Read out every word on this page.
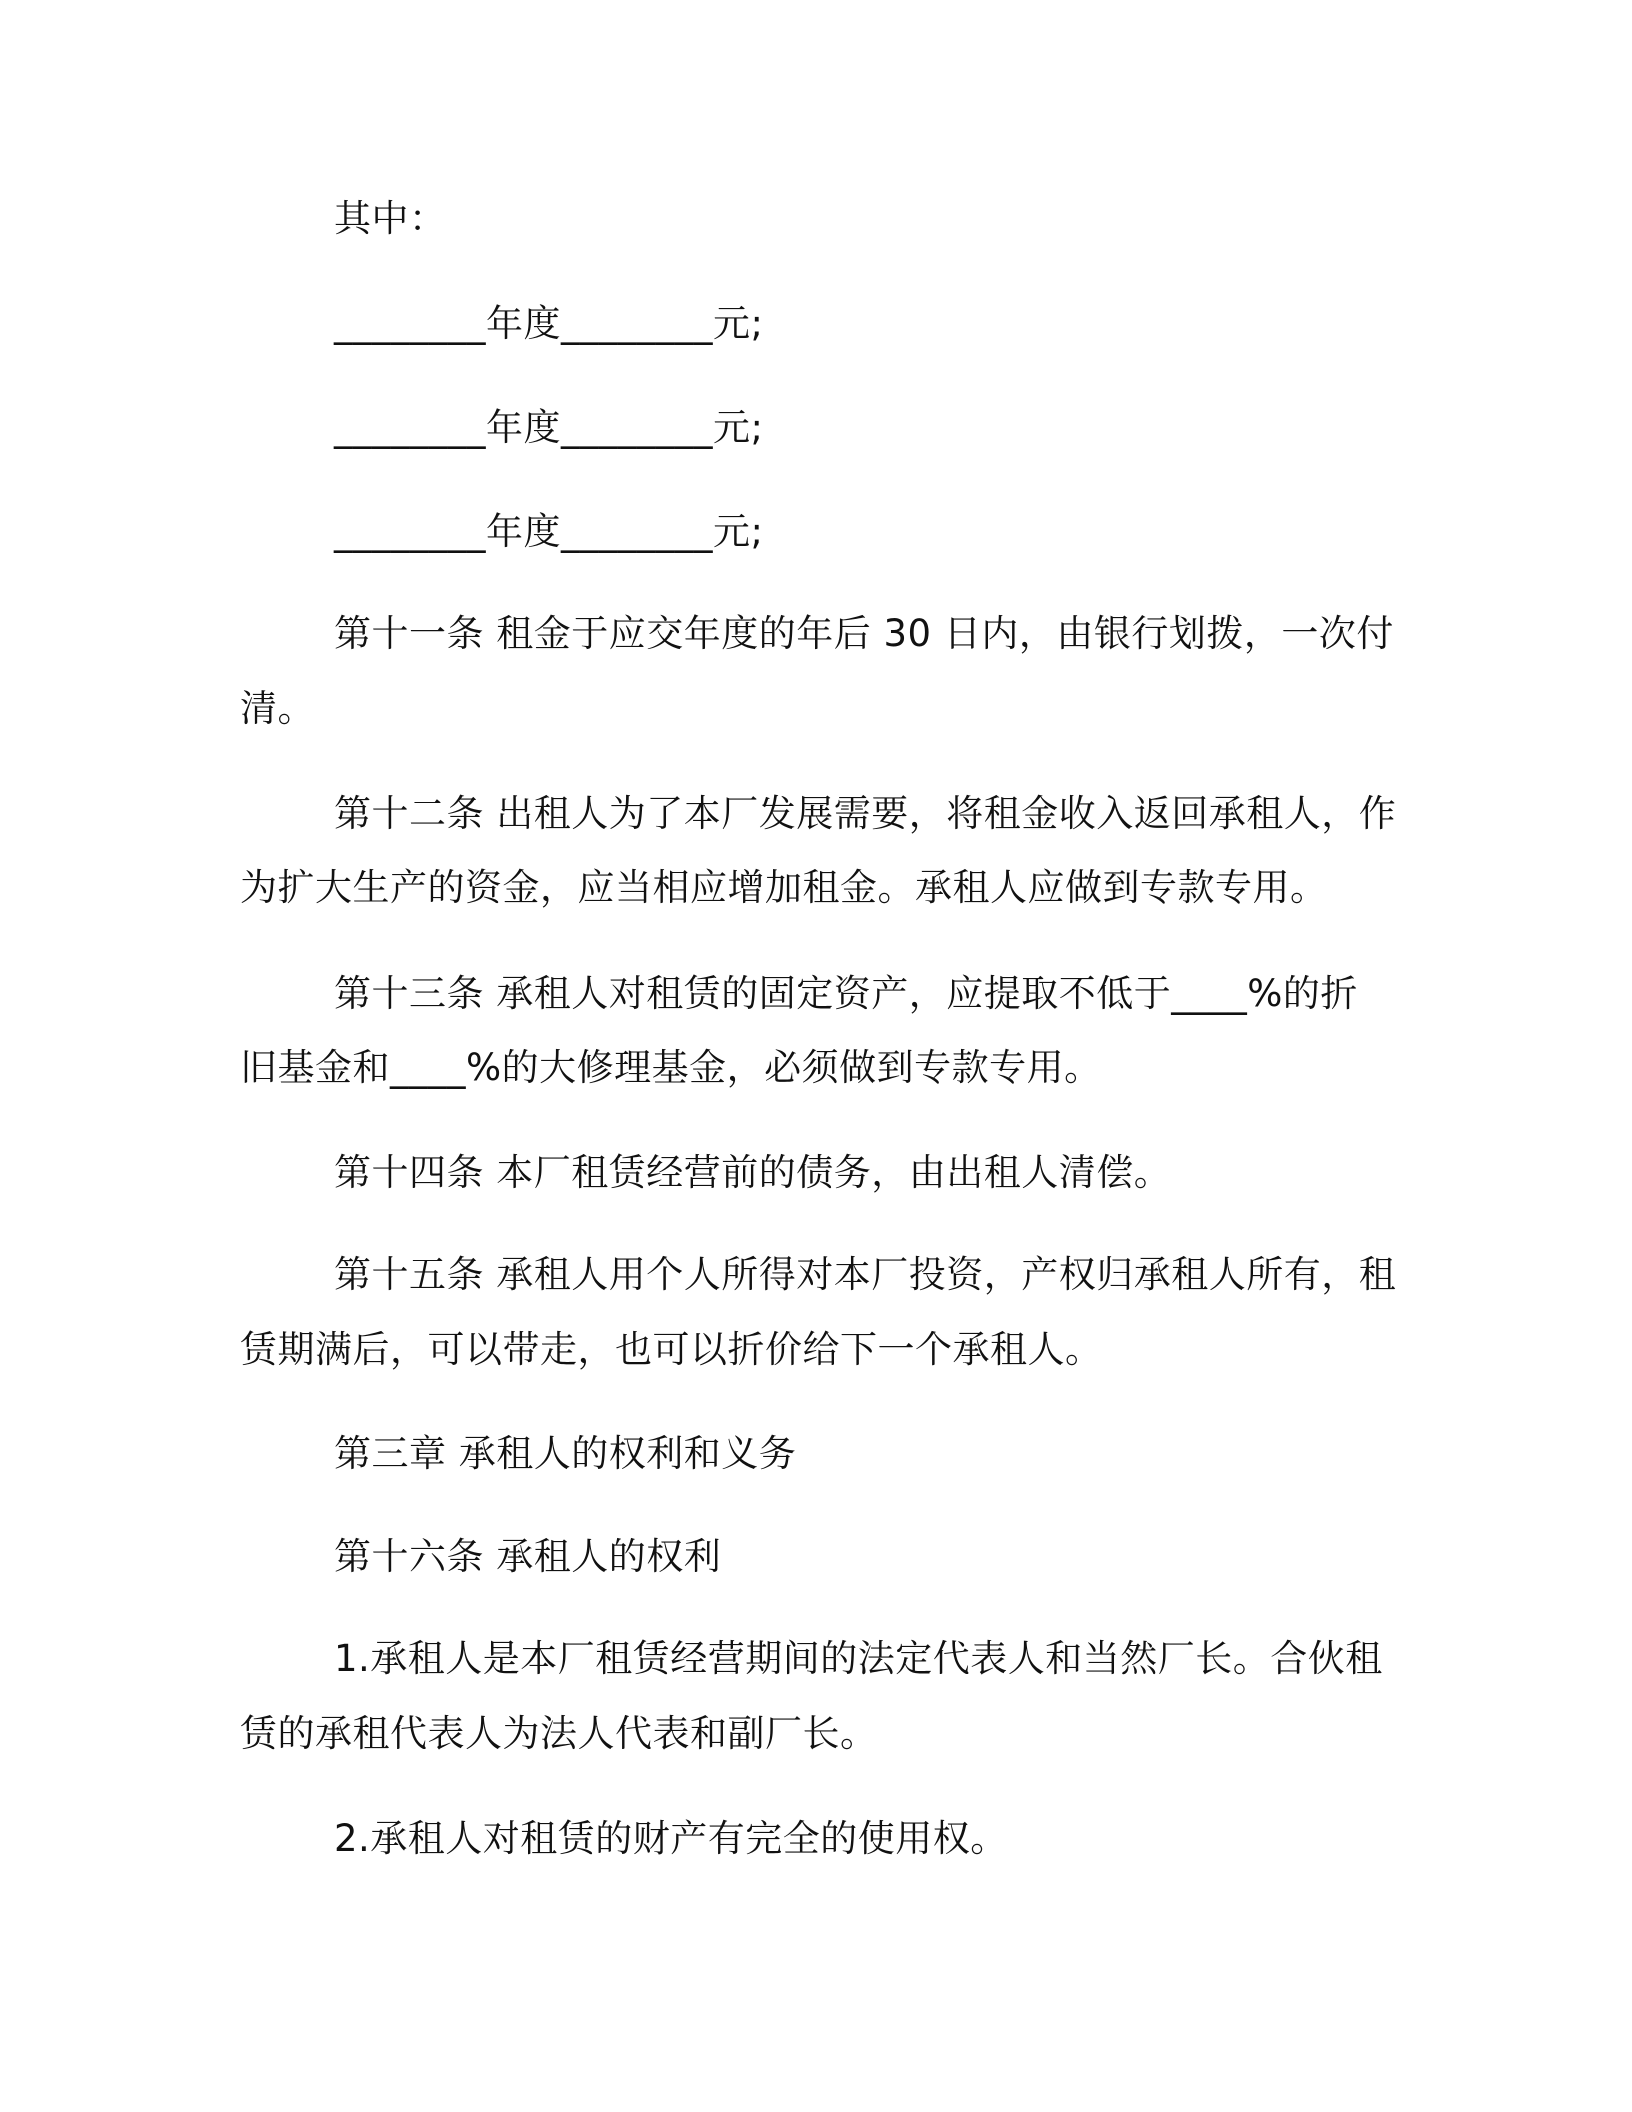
其中：
________年度________元;
________年度________元;
________年度________元;
第十一条 租金于应交年度的年后 30 日内，由银行划拨，一次付
清。
第十二条 出租人为了本厂发展需要，将租金收入返回承租人，作
为扩大生产的资金，应当相应增加租金。承租人应做到专款专用。
第十三条 承租人对租赁的固定资产，应提取不低于____%的折
旧基金和____%的大修理基金，必须做到专款专用。
第十四条 本厂租赁经营前的债务，由出租人清偿。
第十五条 承租人用个人所得对本厂投资，产权归承租人所有，租
赁期满后，可以带走，也可以折价给下一个承租人。
第三章 承租人的权利和义务
第十六条 承租人的权利
1.承租人是本厂租赁经营期间的法定代表人和当然厂长。合伙租
赁的承租代表人为法人代表和副厂长。
2.承租人对租赁的财产有完全的使用权。
